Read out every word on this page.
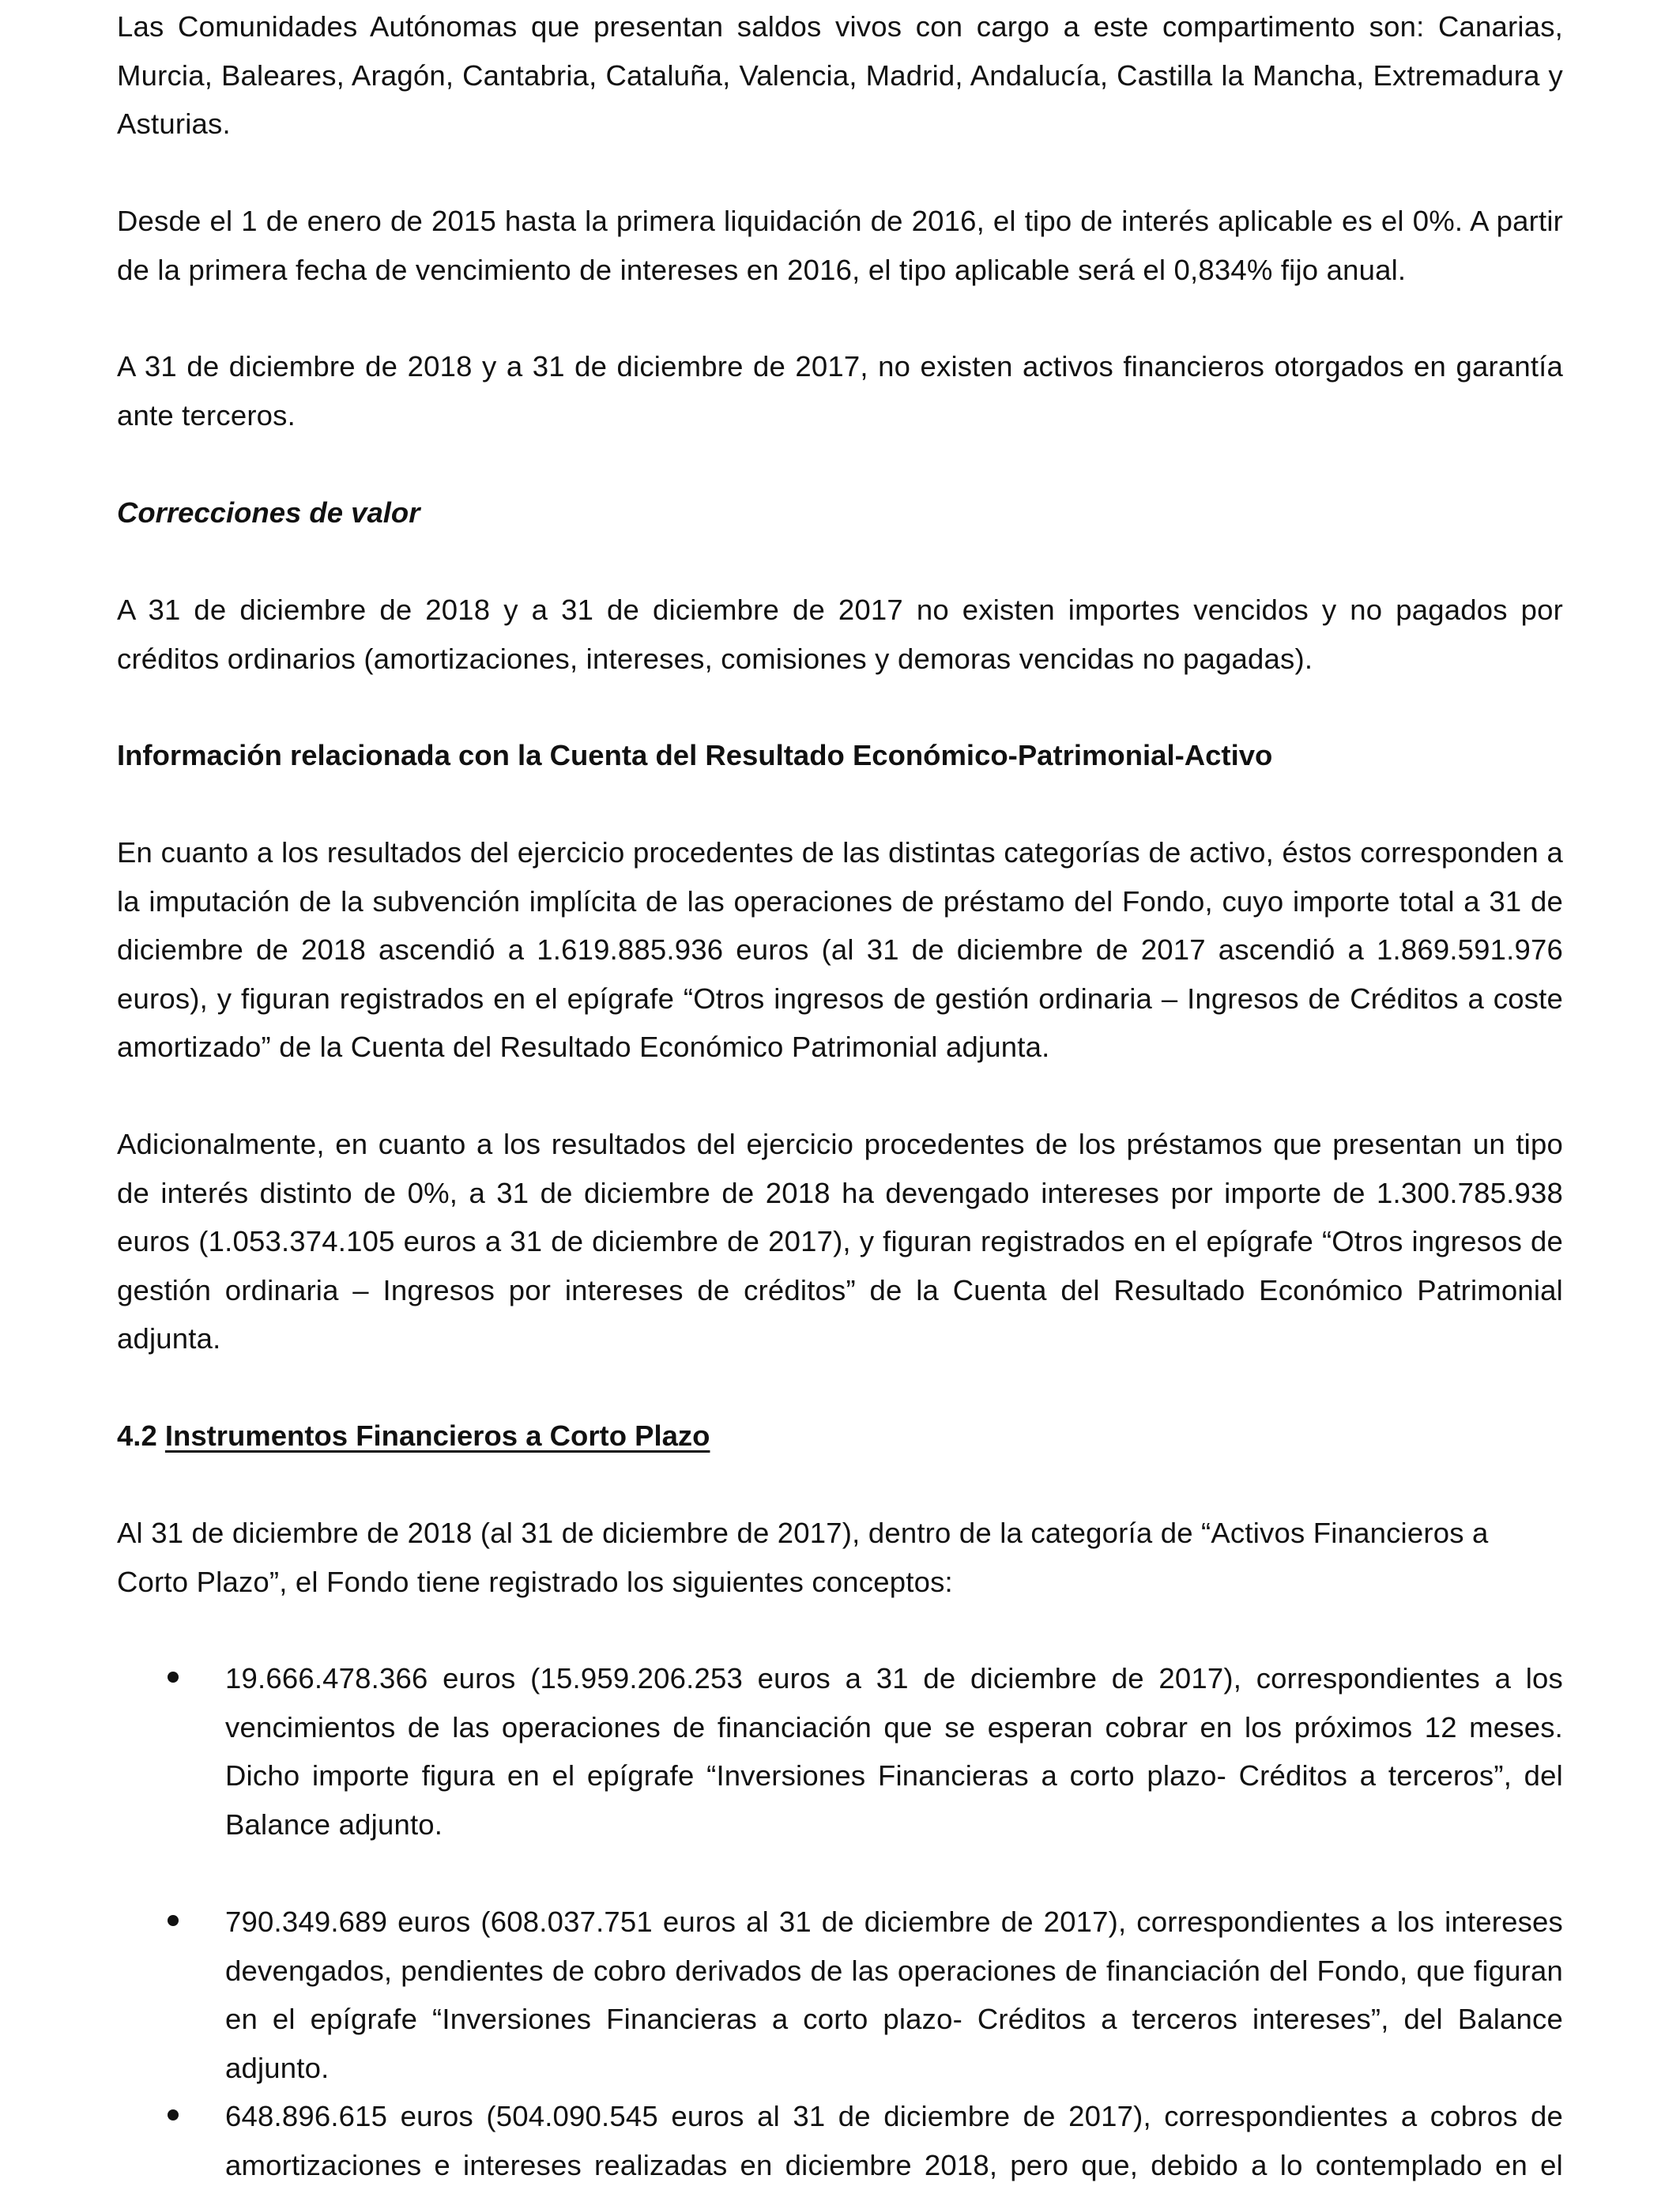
Las Comunidades Autónomas que presentan saldos vivos con cargo a este compartimento son: Canarias, Murcia, Baleares, Aragón, Cantabria, Cataluña, Valencia, Madrid, Andalucía, Castilla la Mancha, Extremadura y Asturias.

Desde el 1 de enero de 2015 hasta la primera liquidación de 2016, el tipo de interés aplicable es el 0%. A partir de la primera fecha de vencimiento de intereses en 2016, el tipo aplicable será el 0,834% fijo anual.

A 31 de diciembre de 2018 y a 31 de diciembre de 2017, no existen activos financieros otorgados en garantía ante terceros.

Correcciones de valor

A 31 de diciembre de 2018 y a 31 de diciembre de 2017 no existen importes vencidos y no pagados por créditos ordinarios (amortizaciones, intereses, comisiones y demoras vencidas no pagadas).

Información relacionada con la Cuenta del Resultado Económico-Patrimonial-Activo

En cuanto a los resultados del ejercicio procedentes de las distintas categorías de activo, éstos corresponden a la imputación de la subvención implícita de las operaciones de préstamo del Fondo, cuyo importe total a 31 de diciembre de 2018 ascendió a 1.619.885.936 euros (al 31 de diciembre de 2017 ascendió a 1.869.591.976 euros), y figuran registrados en el epígrafe “Otros ingresos de gestión ordinaria – Ingresos de Créditos a coste amortizado” de la Cuenta del Resultado Económico Patrimonial adjunta.

Adicionalmente, en cuanto a los resultados del ejercicio procedentes de los préstamos que presentan un tipo de interés distinto de 0%, a 31 de diciembre de 2018 ha devengado intereses por importe de 1.300.785.938 euros (1.053.374.105 euros a 31 de diciembre de 2017), y figuran registrados en el epígrafe “Otros ingresos de gestión ordinaria – Ingresos por intereses de créditos” de la Cuenta del Resultado Económico Patrimonial adjunta.

4.2 Instrumentos Financieros a Corto Plazo

Al 31 de diciembre de 2018 (al 31 de diciembre de 2017), dentro de la categoría de “Activos Financieros a Corto Plazo”, el Fondo tiene registrado los siguientes conceptos:

19.666.478.366 euros (15.959.206.253 euros a 31 de diciembre de 2017), correspondientes a los vencimientos de las operaciones de financiación que se esperan cobrar en los próximos 12 meses. Dicho importe figura en el epígrafe “Inversiones Financieras a corto plazo- Créditos a terceros”, del Balance adjunto.

790.349.689 euros (608.037.751 euros al 31 de diciembre de 2017), correspondientes a los intereses devengados, pendientes de cobro derivados de las operaciones de financiación del Fondo, que figuran en el epígrafe “Inversiones Financieras a corto plazo- Créditos a terceros intereses”, del Balance adjunto.

648.896.615 euros (504.090.545 euros al 31 de diciembre de 2017), correspondientes a cobros de amortizaciones e intereses realizadas en diciembre 2018, pero que, debido a lo contemplado en el
